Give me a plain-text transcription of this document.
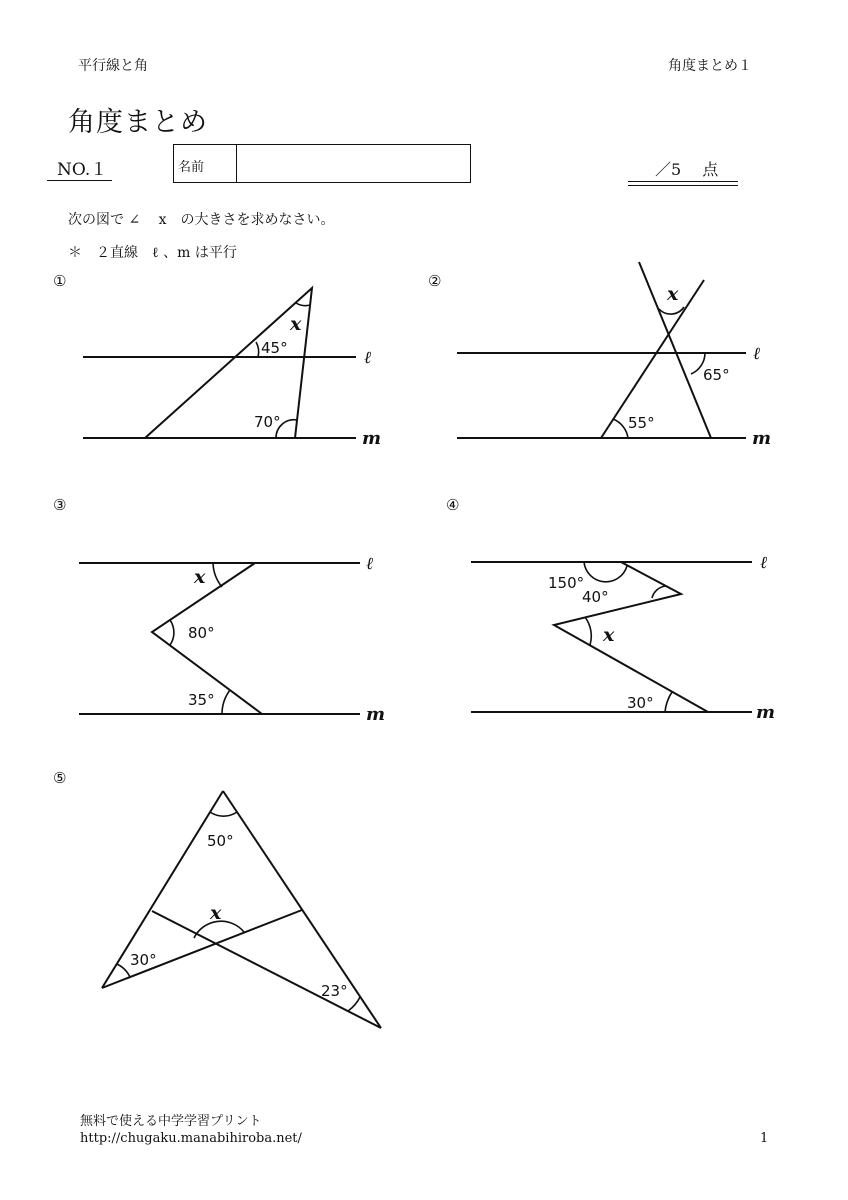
平行線と角	角度まとめ１
角度まとめ
NO.１	名前	／5　 点
次の図で ∠　 x　の大きさを求めなさい。
＊　２直線　ℓ 、m は平行
①	②
③	④
⑤
45°
70°
x
ℓ
m
65°
55°
x
ℓ
m
80°
35°
x
ℓ
m
150°
40°
30°
x
ℓ
m
50°
30°
23°
x
無料で使える中学学習プリント
http://chugaku.manabihiroba.net/	1
